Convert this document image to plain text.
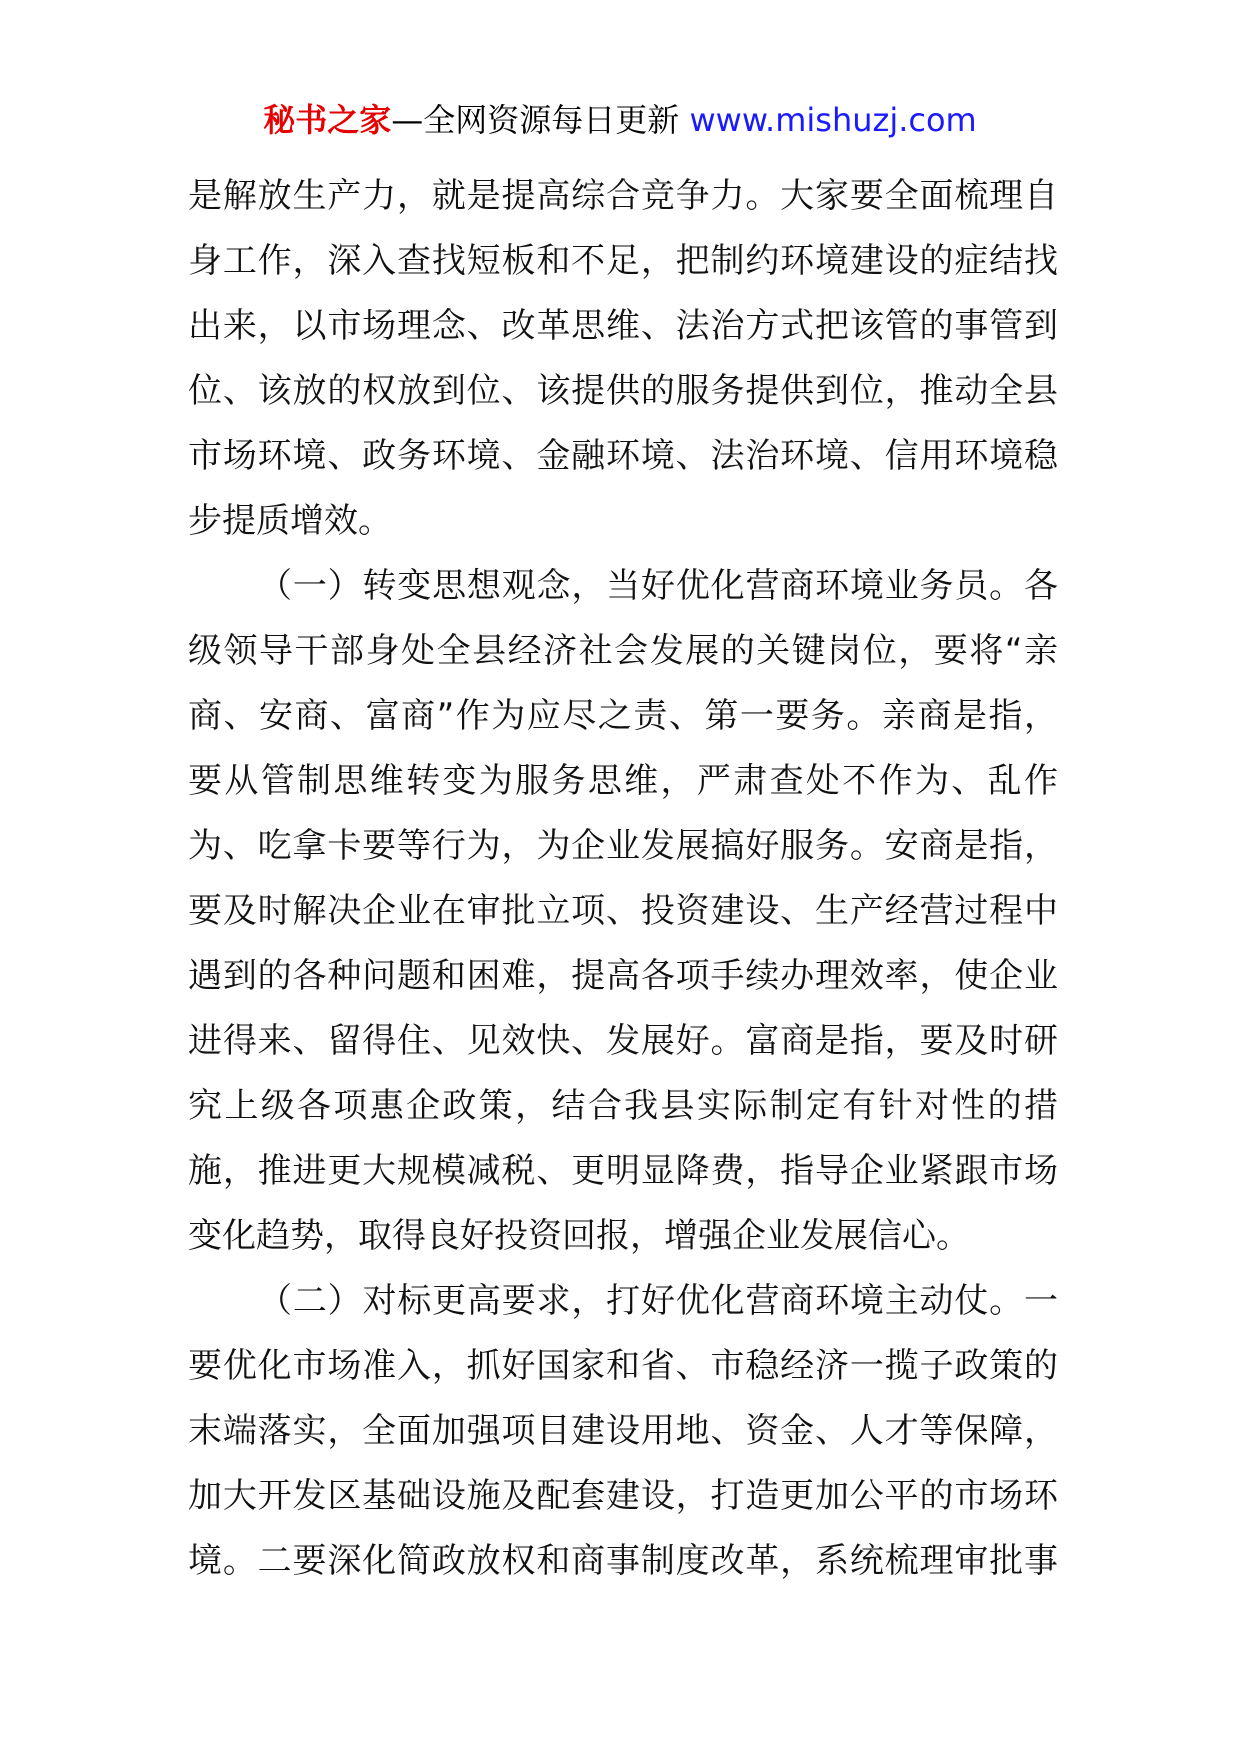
秘书之家—全网资源每日更新 www.mishuzj.com
是解放生产力，就是提高综合竞争力。大家要全面梳理自
身工作，深入查找短板和不足，把制约环境建设的症结找
出来，以市场理念、改革思维、法治方式把该管的事管到
位、该放的权放到位、该提供的服务提供到位，推动全县
市场环境、政务环境、金融环境、法治环境、信用环境稳
步提质增效。
（一）转变思想观念，当好优化营商环境业务员。各
级领导干部身处全县经济社会发展的关键岗位，要将“亲
商、安商、富商”作为应尽之责、第一要务。亲商是指，
要从管制思维转变为服务思维，严肃查处不作为、乱作
为、吃拿卡要等行为，为企业发展搞好服务。安商是指，
要及时解决企业在审批立项、投资建设、生产经营过程中
遇到的各种问题和困难，提高各项手续办理效率，使企业
进得来、留得住、见效快、发展好。富商是指，要及时研
究上级各项惠企政策，结合我县实际制定有针对性的措
施，推进更大规模减税、更明显降费，指导企业紧跟市场
变化趋势，取得良好投资回报，增强企业发展信心。
（二）对标更高要求，打好优化营商环境主动仗。一
要优化市场准入，抓好国家和省、市稳经济一揽子政策的
末端落实，全面加强项目建设用地、资金、人才等保障，
加大开发区基础设施及配套建设，打造更加公平的市场环
境。二要深化简政放权和商事制度改革，系统梳理审批事
